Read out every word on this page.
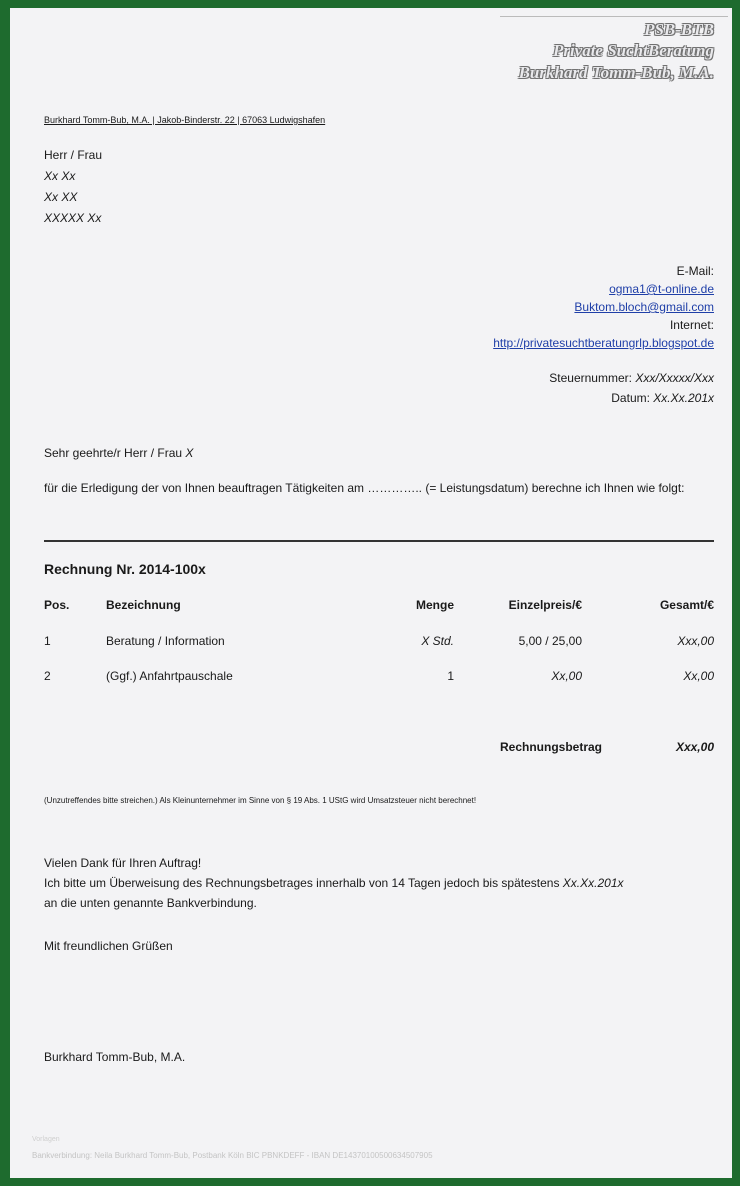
PSB-BTB
Private SuchtBeratung
Burkhard Tomm-Bub, M.A.
Burkhard Tomm-Bub, M.A. | Jakob-Binderstr. 22 | 67063 Ludwigshafen
Herr / Frau
Xx Xx
Xx XX
XXXXX Xx
E-Mail:
ogma1@t-online.de
Buktom.bloch@gmail.com
Internet:
http://privatesuchtberatungrlp.blogspot.de
Steuernummer: Xxx/Xxxxx/Xxx
Datum: Xx.Xx.201x
Sehr geehrte/r Herr / Frau X
für die Erledigung der von Ihnen beauftragen Tätigkeiten am ………….. (= Leistungsdatum) berechne ich Ihnen wie folgt:
Rechnung Nr. 2014-100x
Pos.	Bezeichnung	Menge	Einzelpreis/€	Gesamt/€
1	Beratung / Information	X Std.	5,00 / 25,00	Xxx,00
2	(Ggf.) Anfahrtpauschale	1	Xx,00	Xx,00
Rechnungsbetrag	Xxx,00
(Unzutreffendes bitte streichen.) Als Kleinunternehmer im Sinne von § 19 Abs. 1 UStG wird Umsatzsteuer nicht berechnet!
Vielen Dank für Ihren Auftrag!
Ich bitte um Überweisung des Rechnungsbetrages innerhalb von 14 Tagen jedoch bis spätestens Xx.Xx.201x
an die unten genannte Bankverbindung.
Mit freundlichen Grüßen
Burkhard Tomm-Bub, M.A.
Vorlagen
Bankverbindung: Neila Burkhard Tomm-Bub, Postbank Köln BIC PBNKDEFF - IBAN DE14370100500634507905
